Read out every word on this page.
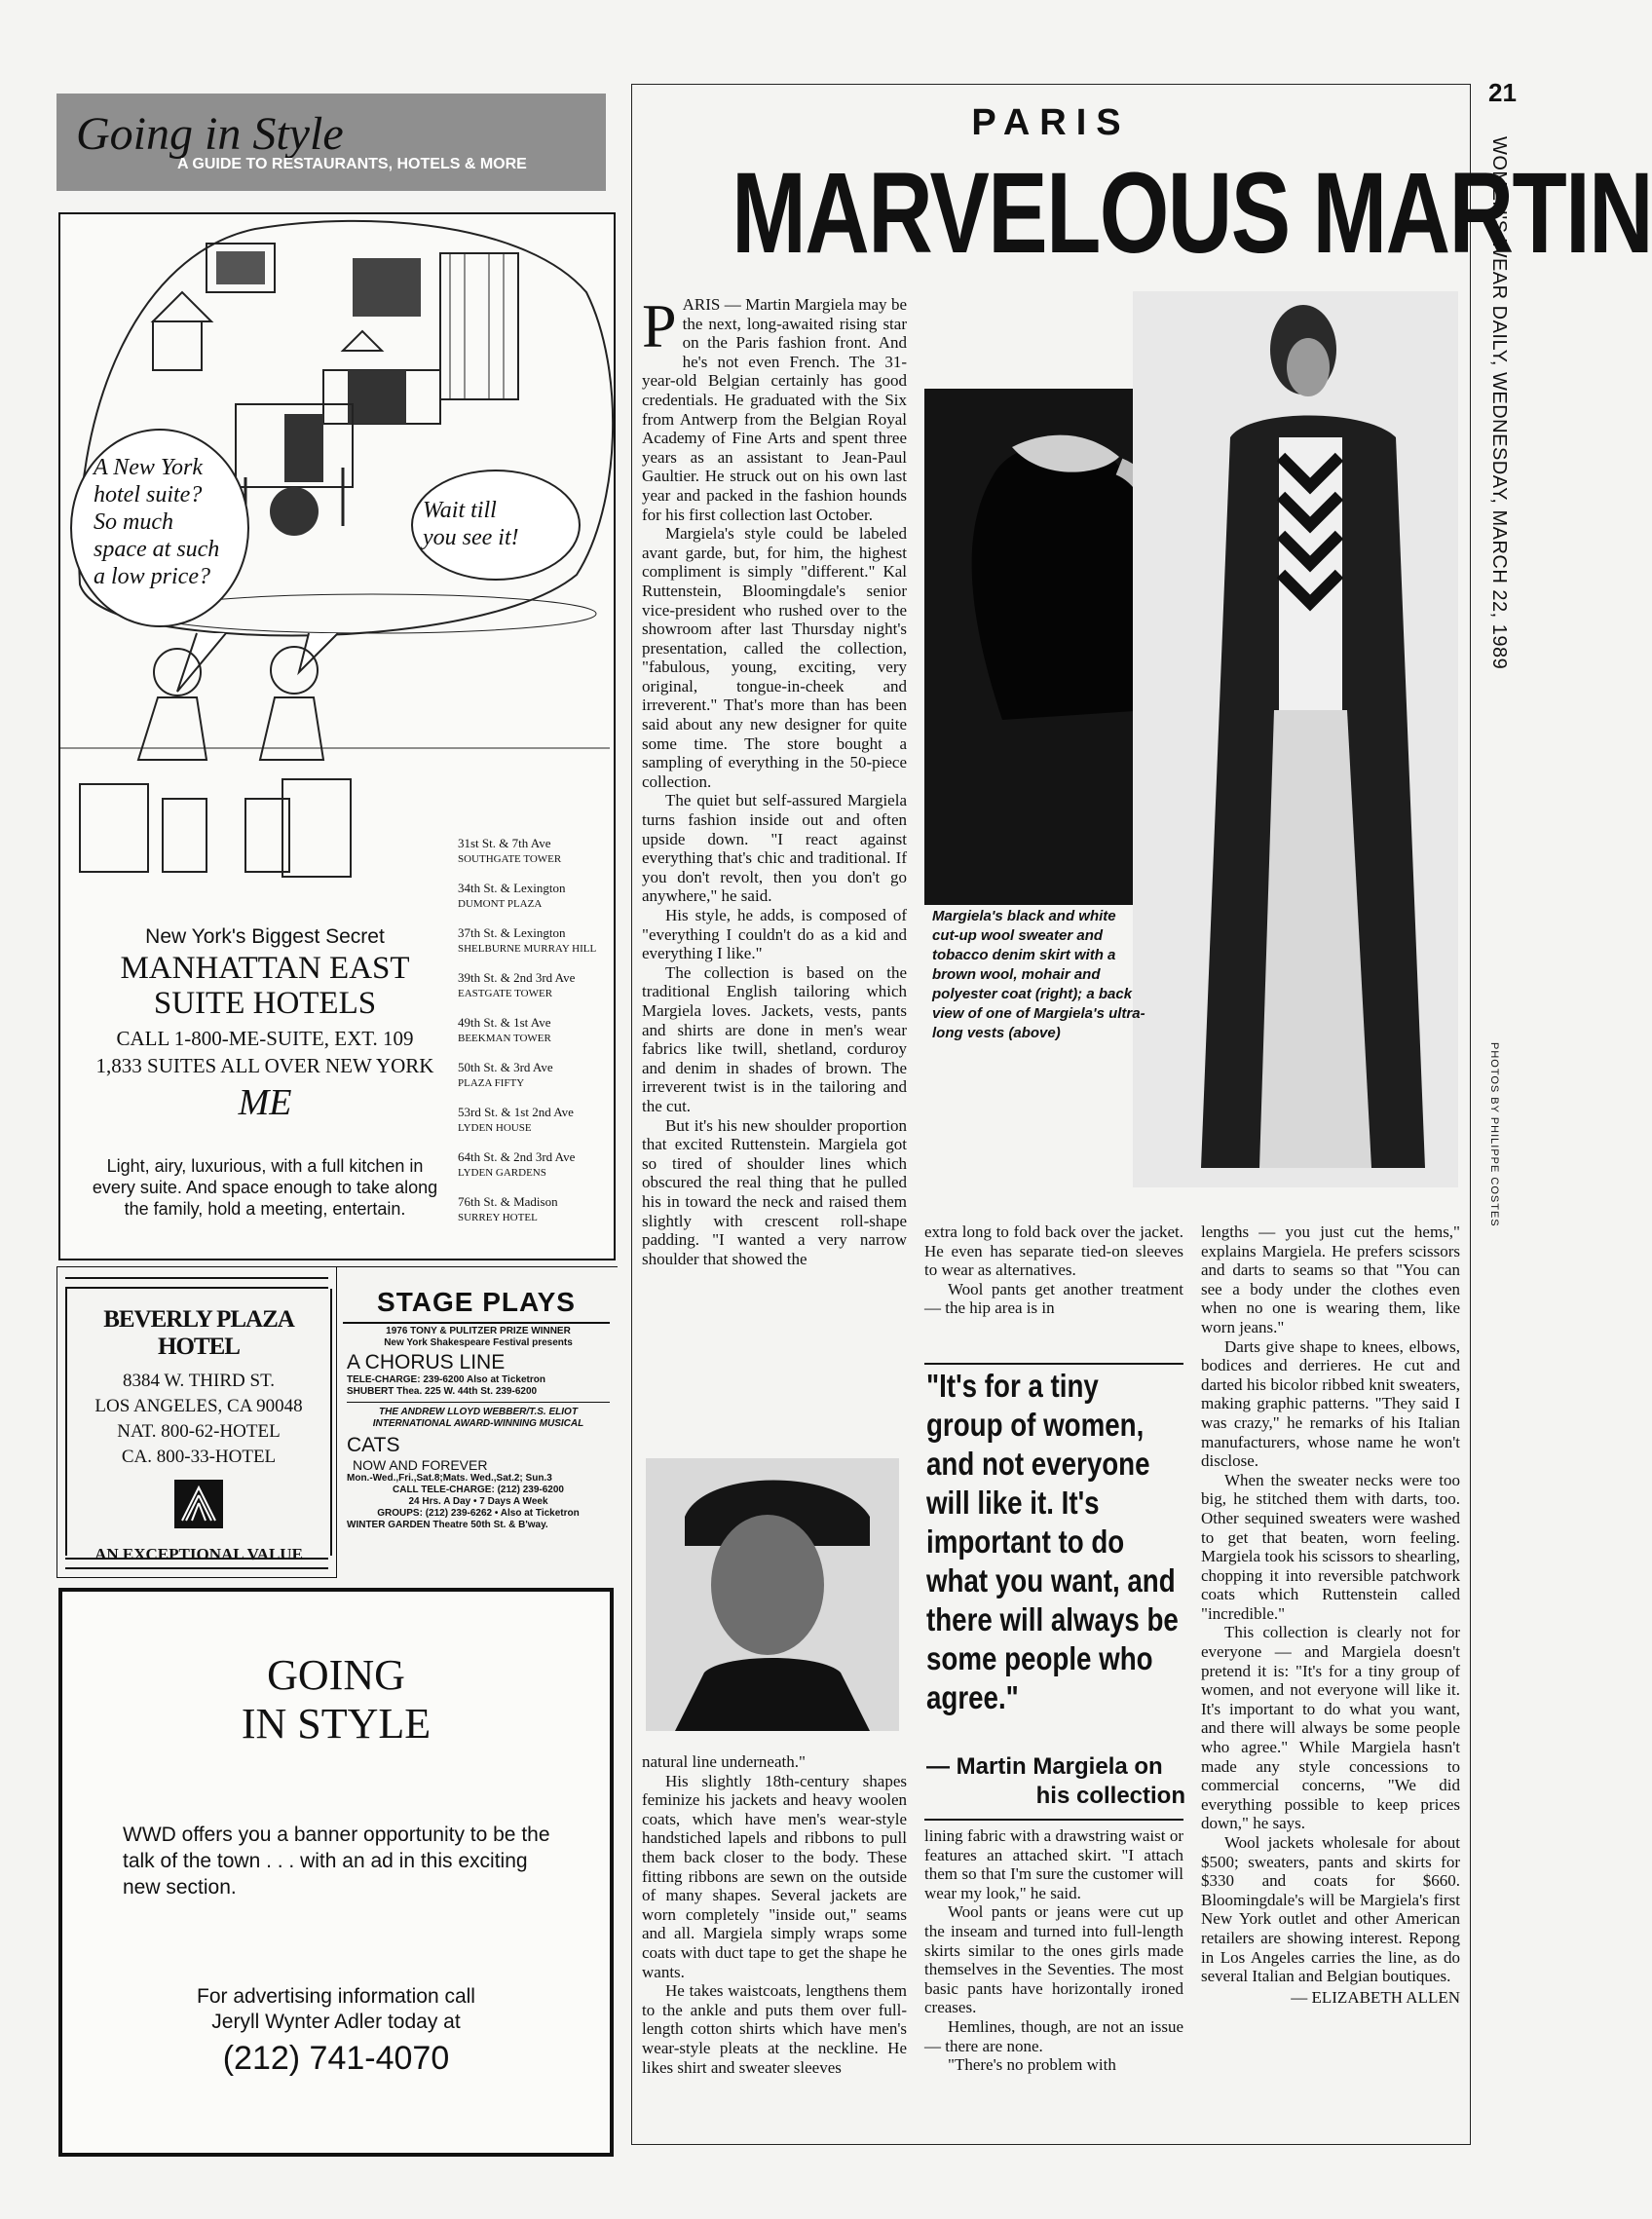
21
WOMEN'S WEAR DAILY, WEDNESDAY, MARCH 22, 1989
PHOTOS BY PHILIPPE COSTES
Going in Style
A GUIDE TO RESTAURANTS, HOTELS & MORE
A New York
hotel suite?
So much
space at such
a low price?
Wait till
you see it!
31st St. & 7th Ave
SOUTHGATE TOWER
34th St. & Lexington
DUMONT PLAZA
37th St. & Lexington
SHELBURNE MURRAY HILL
39th St. & 2nd 3rd Ave
EASTGATE TOWER
49th St. & 1st Ave
BEEKMAN TOWER
50th St. & 3rd Ave
PLAZA FIFTY
53rd St. & 1st 2nd Ave
LYDEN HOUSE
64th St. & 2nd 3rd Ave
LYDEN GARDENS
76th St. & Madison
SURREY HOTEL
New York's Biggest Secret
MANHATTAN EAST
SUITE HOTELS
CALL 1-800-ME-SUITE, EXT. 109
1,833 SUITES ALL OVER NEW YORK
ME
Light, airy, luxurious, with a full kitchen in
every suite. And space enough to take along
the family, hold a meeting, entertain.
BEVERLY PLAZA HOTEL
8384 W. THIRD ST.
LOS ANGELES, CA 90048
NAT. 800-62-HOTEL
CA. 800-33-HOTEL
AN EXCEPTIONAL VALUE
STAGE PLAYS
1976 TONY & PULITZER PRIZE WINNER
New York Shakespeare Festival presents
A CHORUS LINE
TELE-CHARGE: 239-6200 Also at Ticketron
SHUBERT Thea. 225 W. 44th St. 239-6200
THE ANDREW LLOYD WEBBER/T.S. ELIOT
INTERNATIONAL AWARD-WINNING MUSICAL
CATS
NOW AND FOREVER
Mon.-Wed.,Fri.,Sat.8;Mats. Wed.,Sat.2; Sun.3
CALL TELE-CHARGE: (212) 239-6200
24 Hrs. A Day • 7 Days A Week
GROUPS: (212) 239-6262 • Also at Ticketron
WINTER GARDEN Theatre 50th St. & B'way.
GOING
IN STYLE
WWD offers you a banner opportunity to be the talk of the town . . . with an ad in this exciting new section.
For advertising information call
Jeryll Wynter Adler today at
(212) 741-4070
PARIS
MARVELOUS MARTIN

PARIS — Martin Margiela may be the next, long-awaited rising star on the Paris fashion front. And he's not even French. The 31-year-old Belgian certainly has good credentials. He graduated with the Six from Antwerp from the Belgian Royal Academy of Fine Arts and spent three years as an assistant to Jean-Paul Gaultier. He struck out on his own last year and packed in the fashion hounds for his first collection last October.

Margiela's style could be labeled avant garde, but, for him, the highest compliment is simply "different." Kal Ruttenstein, Bloomingdale's senior vice-president who rushed over to the showroom after last Thursday night's presentation, called the collection, "fabulous, young, exciting, very original, tongue-in-cheek and irreverent." That's more than has been said about any new designer for quite some time. The store bought a sampling of everything in the 50-piece collection.

The quiet but self-assured Margiela turns fashion inside out and often upside down. "I react against everything that's chic and traditional. If you don't revolt, then you don't go anywhere," he said.

His style, he adds, is composed of "everything I couldn't do as a kid and everything I like."

The collection is based on the traditional English tailoring which Margiela loves. Jackets, vests, pants and shirts are done in men's wear fabrics like twill, shetland, corduroy and denim in shades of brown. The irreverent twist is in the tailoring and the cut.

But it's his new shoulder proportion that excited Ruttenstein. Margiela got so tired of shoulder lines which obscured the real thing that he pulled his in toward the neck and raised them slightly with crescent roll-shape padding. "I wanted a very narrow shoulder that showed the

Margiela's black and white cut-up wool sweater and tobacco denim skirt with a brown wool, mohair and polyester coat (right); a back view of one of Margiela's ultra-long vests (above)

natural line underneath."

His slightly 18th-century shapes feminize his jackets and heavy woolen coats, which have men's wear-style handstiched lapels and ribbons to pull them back closer to the body. These fitting ribbons are sewn on the outside of many shapes. Several jackets are worn completely "inside out," seams and all. Margiela simply wraps some coats with duct tape to get the shape he wants.

He takes waistcoats, lengthens them to the ankle and puts them over full-length cotton shirts which have men's wear-style pleats at the neckline. He likes shirt and sweater sleeves

extra long to fold back over the jacket. He even has separate tied-on sleeves to wear as alternatives.

Wool pants get another treatment — the hip area is in

"It's for a tiny group of women, and not everyone will like it. It's important to do what you want, and there will always be some people who agree."
— Martin Margiela on
his collection

lining fabric with a drawstring waist or features an attached skirt. "I attach them so that I'm sure the customer will wear my look," he said.

Wool pants or jeans were cut up the inseam and turned into full-length skirts similar to the ones girls made themselves in the Seventies. The most basic pants have horizontally ironed creases.

Hemlines, though, are not an issue — there are none.

"There's no problem with

lengths — you just cut the hems," explains Margiela. He prefers scissors and darts to seams so that "You can see a body under the clothes even when no one is wearing them, like worn jeans."

Darts give shape to knees, elbows, bodices and derrieres. He cut and darted his bicolor ribbed knit sweaters, making graphic patterns. "They said I was crazy," he remarks of his Italian manufacturers, whose name he won't disclose.

When the sweater necks were too big, he stitched them with darts, too. Other sequined sweaters were washed to get that beaten, worn feeling. Margiela took his scissors to shearling, chopping it into reversible patchwork coats which Ruttenstein called "incredible."

This collection is clearly not for everyone — and Margiela doesn't pretend it is: "It's for a tiny group of women, and not everyone will like it. It's important to do what you want, and there will always be some people who agree." While Margiela hasn't made any style concessions to commercial concerns, "We did everything possible to keep prices down," he says.

Wool jackets wholesale for about $500; sweaters, pants and skirts for $330 and coats for $660. Bloomingdale's will be Margiela's first New York outlet and other American retailers are showing interest. Repong in Los Angeles carries the line, as do several Italian and Belgian boutiques.

— ELIZABETH ALLEN
